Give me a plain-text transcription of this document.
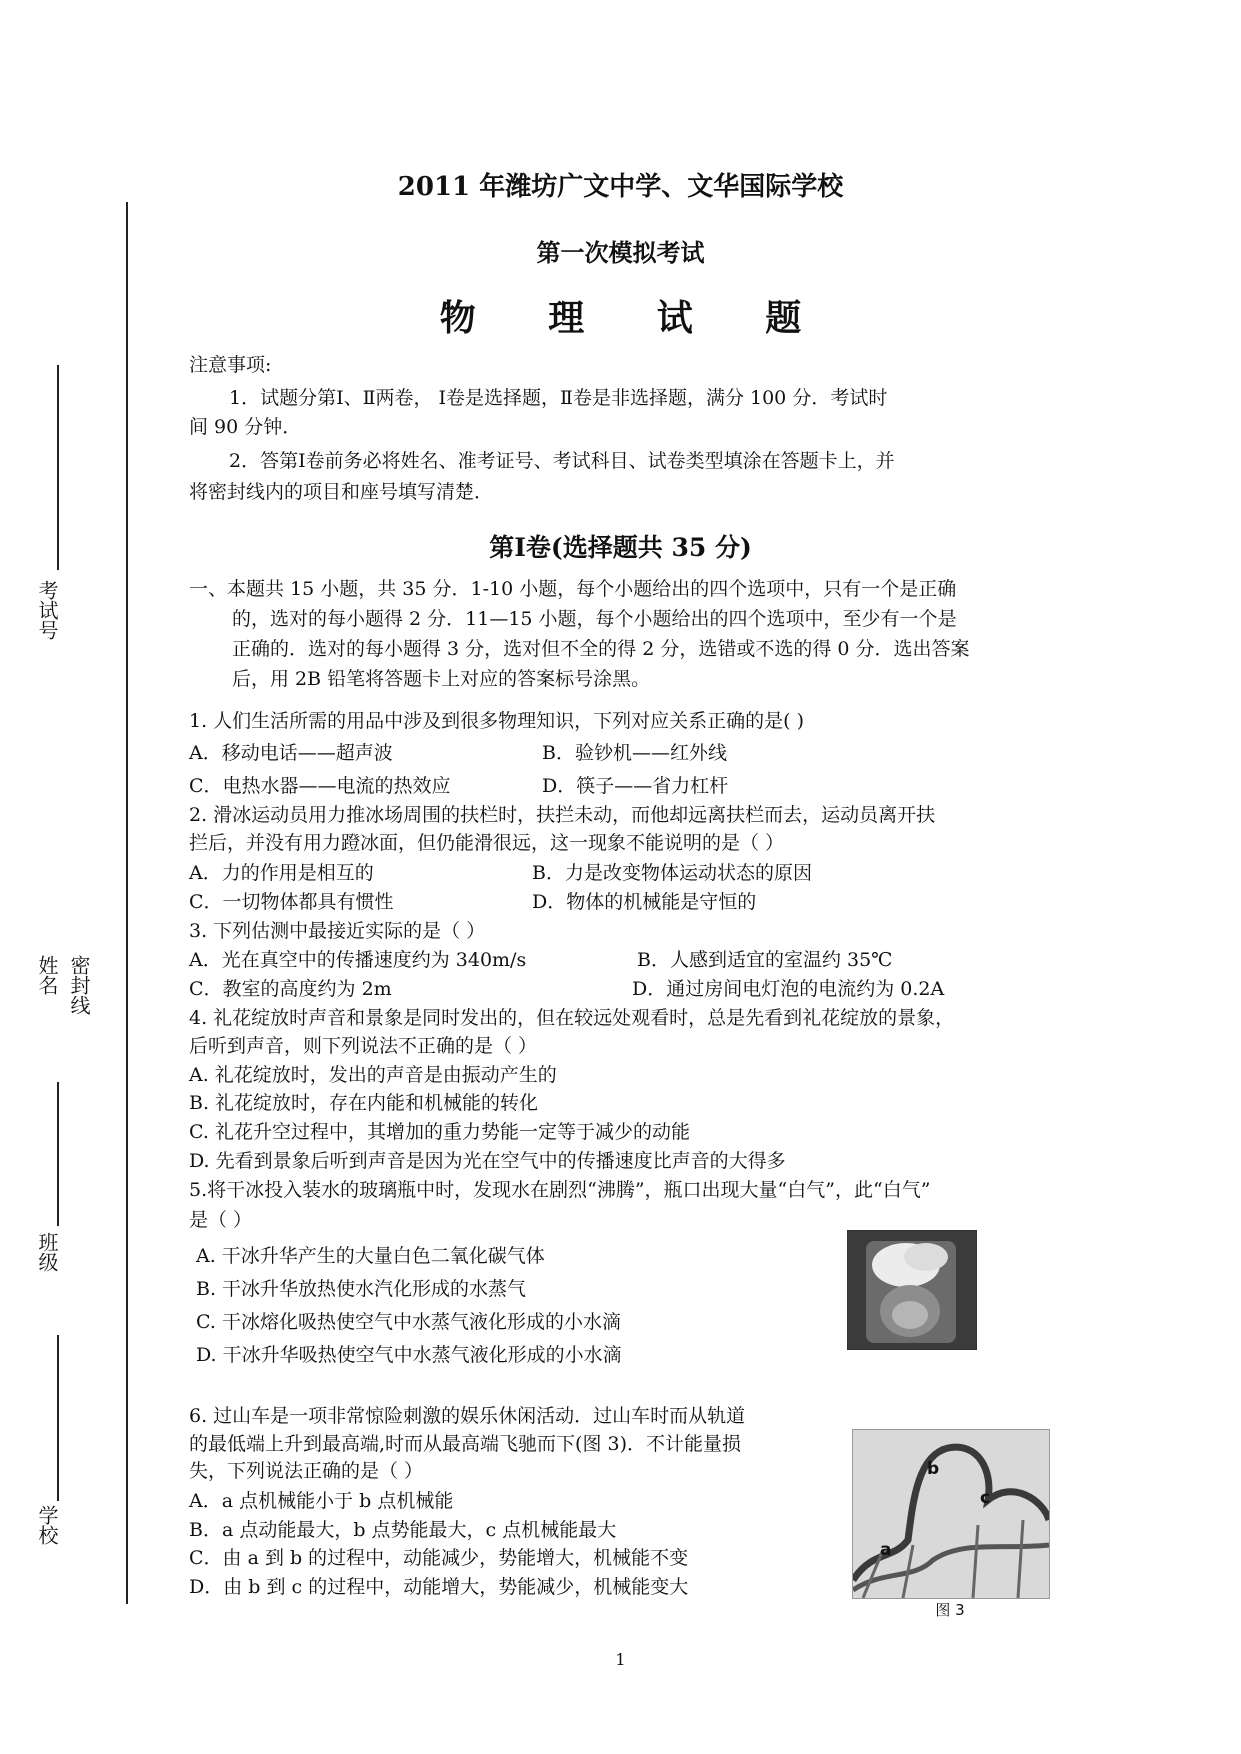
考试号
姓名 密封线
班级
学校
2011 年潍坊广文中学、文华国际学校
第一次模拟考试
物 理 试 题
注意事项:
1．试题分第Ⅰ、Ⅱ两卷， Ⅰ卷是选择题，Ⅱ卷是非选择题，满分 100 分．考试时
间 90 分钟．
2．答第Ⅰ卷前务必将姓名、准考证号、考试科目、试卷类型填涂在答题卡上，并
将密封线内的项目和座号填写清楚．
第Ⅰ卷(选择题共 35 分)
一、本题共 15 小题，共 35 分．1-10 小题，每个小题给出的四个选项中，只有一个是正确
的，选对的每小题得 2 分．11—15 小题，每个小题给出的四个选项中，至少有一个是
正确的．选对的每小题得 3 分，选对但不全的得 2 分，选错或不选的得 0 分．选出答案
后，用 2B 铅笔将答题卡上对应的答案标号涂黑。
1. 人们生活所需的用品中涉及到很多物理知识，下列对应关系正确的是( )
A．移动电话——超声波	B．验钞机——红外线
C．电热水器——电流的热效应	D．筷子——省力杠杆
2. 滑冰运动员用力推冰场周围的扶栏时，扶拦未动，而他却远离扶栏而去，运动员离开扶
拦后，并没有用力蹬冰面，但仍能滑很远，这一现象不能说明的是（ ）
A．力的作用是相互的	B．力是改变物体运动状态的原因
C．一切物体都具有惯性	D．物体的机械能是守恒的
3. 下列估测中最接近实际的是（ ）
A．光在真空中的传播速度约为 340m/s	B．人感到适宜的室温约 35℃
C．教室的高度约为 2m	D．通过房间电灯泡的电流约为 0.2A
4. 礼花绽放时声音和景象是同时发出的，但在较远处观看时，总是先看到礼花绽放的景象，
后听到声音，则下列说法不正确的是（ ）
A. 礼花绽放时，发出的声音是由振动产生的
B. 礼花绽放时，存在内能和机械能的转化
C. 礼花升空过程中，其增加的重力势能一定等于减少的动能
D. 先看到景象后听到声音是因为光在空气中的传播速度比声音的大得多
5.将干冰投入装水的玻璃瓶中时，发现水在剧烈“沸腾”，瓶口出现大量“白气”，此“白气”
是（ ）
A. 干冰升华产生的大量白色二氧化碳气体
B. 干冰升华放热使水汽化形成的水蒸气
C. 干冰熔化吸热使空气中水蒸气液化形成的小水滴
D. 干冰升华吸热使空气中水蒸气液化形成的小水滴
6. 过山车是一项非常惊险刺激的娱乐休闲活动．过山车时而从轨道
的最低端上升到最高端,时而从最高端飞驰而下(图 3)．不计能量损
失，下列说法正确的是（ ）
A．a 点机械能小于 b 点机械能
B．a 点动能最大，b 点势能最大，c 点机械能最大
C．由 a 到 b 的过程中，动能减少，势能增大，机械能不变
D．由 b 到 c 的过程中，动能增大，势能减少，机械能变大
b
c
a
图 3
1
